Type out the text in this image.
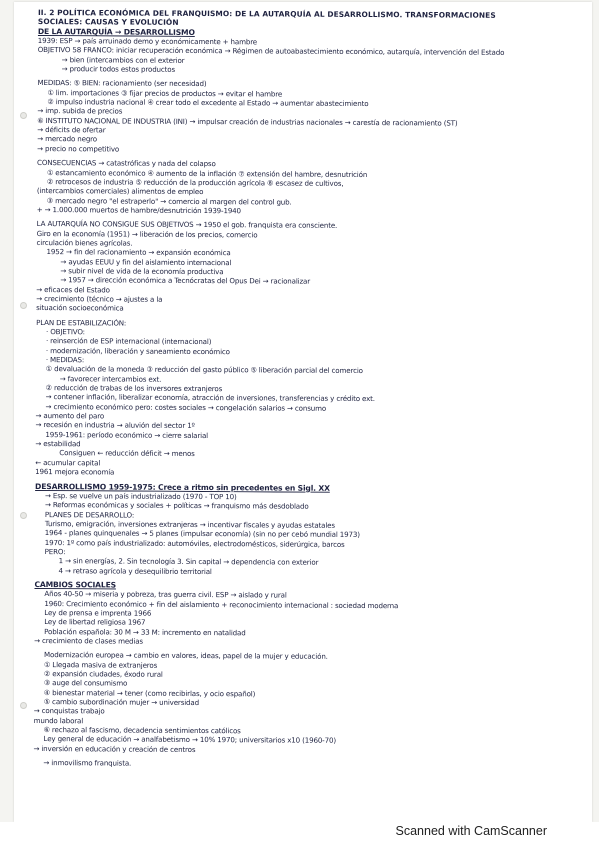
II. 2 POLÍTICA ECONÓMICA DEL FRANQUISMO: DE LA AUTARQUÍA AL DESARROLLISMO. TRANSFORMACIONES
SOCIALES: CAUSAS Y EVOLUCIÓN
DE LA AUTARQUÍA → DESARROLLISMO
1939: ESP → país arruinado demo y económicamente + hambre
OBJETIVO 58 FRANCO: iniciar recuperación económica → Régimen de autoabastecimiento económico, autarquía, intervención del Estado
→ bien (intercambios con el exterior
→ producir todos estos productos
MEDIDAS: ⑤ BIEN: racionamiento (ser necesidad)
① lim. importaciones ③ fijar precios de productos → evitar el hambre
② impulso industria nacional ④ crear todo el excedente al Estado → aumentar abastecimiento
→ imp. subida de precios
⑥ INSTITUTO NACIONAL DE INDUSTRIA (INI) → impulsar creación de industrias nacionales → carestía de racionamiento (ST)
→ déficits de ofertar
→ mercado negro
→ precio no competitivo
CONSECUENCIAS → catastróficas y nada del colapso
① estancamiento económico ④ aumento de la inflación ⑦ extensión del hambre, desnutrición
② retrocesos de industria ⑤ reducción de la producción agrícola ⑧ escasez de cultivos,
(intercambios comerciales) alimentos de empleo
③ mercado negro "el estraperlo" → comercio al margen del control gub.
+ → 1.000.000 muertos de hambre/desnutrición 1939-1940
LA AUTARQUÍA NO CONSIGUE SUS OBJETIVOS → 1950 el gob. franquista era consciente.
Giro en la economía (1951) → liberación de los precios, comercio
circulación bienes agrícolas.
1952 → fin del racionamiento → expansión económica
→ ayudas EEUU y fin del aislamiento internacional
→ subir nivel de vida de la economía productiva
→ 1957 → dirección económica a Tecnócratas del Opus Dei → racionalizar
→ eficaces del Estado
→ crecimiento (técnico → ajustes a la
situación socioeconómica
PLAN DE ESTABILIZACIÓN:
· OBJETIVO:
· reinserción de ESP internacional (internacional)
· modernización, liberación y saneamiento económico
· MEDIDAS:
① devaluación de la moneda ③ reducción del gasto público ⑤ liberación parcial del comercio
→ favorecer intercambios ext.
② reducción de trabas de los inversores extranjeros
→ contener inflación, liberalizar economía, atracción de inversiones, transferencias y crédito ext.
→ crecimiento económico pero: costes sociales → congelación salarios → consumo
→ aumento del paro
→ recesión en industria → aluvión del sector 1º
1959-1961: período económico → cierre salarial
→ estabilidad
Consiguen ← reducción déficit → menos
← acumular capital
1961 mejora economía
DESARROLLISMO 1959-1975: Crece a ritmo sin precedentes en Sigl. XX
→ Esp. se vuelve un país industrializado (1970 - TOP 10)
→ Reformas económicas y sociales + políticas → franquismo más desdoblado
PLANES DE DESARROLLO:
Turismo, emigración, inversiones extranjeras → incentivar fiscales y ayudas estatales
1964 - planes quinquenales → 5 planes (impulsar economía) (sin no per cebó mundial 1973)
1970: 1º como país industrializado: automóviles, electrodomésticos, siderúrgica, barcos
PERO:
1 → sin energías, 2. Sin tecnología 3. Sin capital → dependencia con exterior
4 → retraso agrícola y desequilibrio territorial
CAMBIOS SOCIALES
Años 40-50 → miseria y pobreza, tras guerra civil. ESP → aislado y rural
1960: Crecimiento económico + fin del aislamiento + reconocimiento internacional : sociedad moderna
Ley de prensa e imprenta 1966
Ley de libertad religiosa 1967
Población española: 30 M → 33 M: incremento en natalidad
→ crecimiento de clases medias
Modernización europea → cambio en valores, ideas, papel de la mujer y educación.
① Llegada masiva de extranjeros
② expansión ciudades, éxodo rural
③ auge del consumismo
④ bienestar material → tener (como recibirlas, y ocio español)
⑤ cambio subordinación mujer → universidad
→ conquistas trabajo
mundo laboral
⑥ rechazo al fascismo, decadencia sentimientos católicos
Ley general de educación → analfabetismo → 10% 1970; universitarios x10 (1960-70)
→ inversión en educación y creación de centros
→ inmovilismo franquista.
Scanned with CamScanner
